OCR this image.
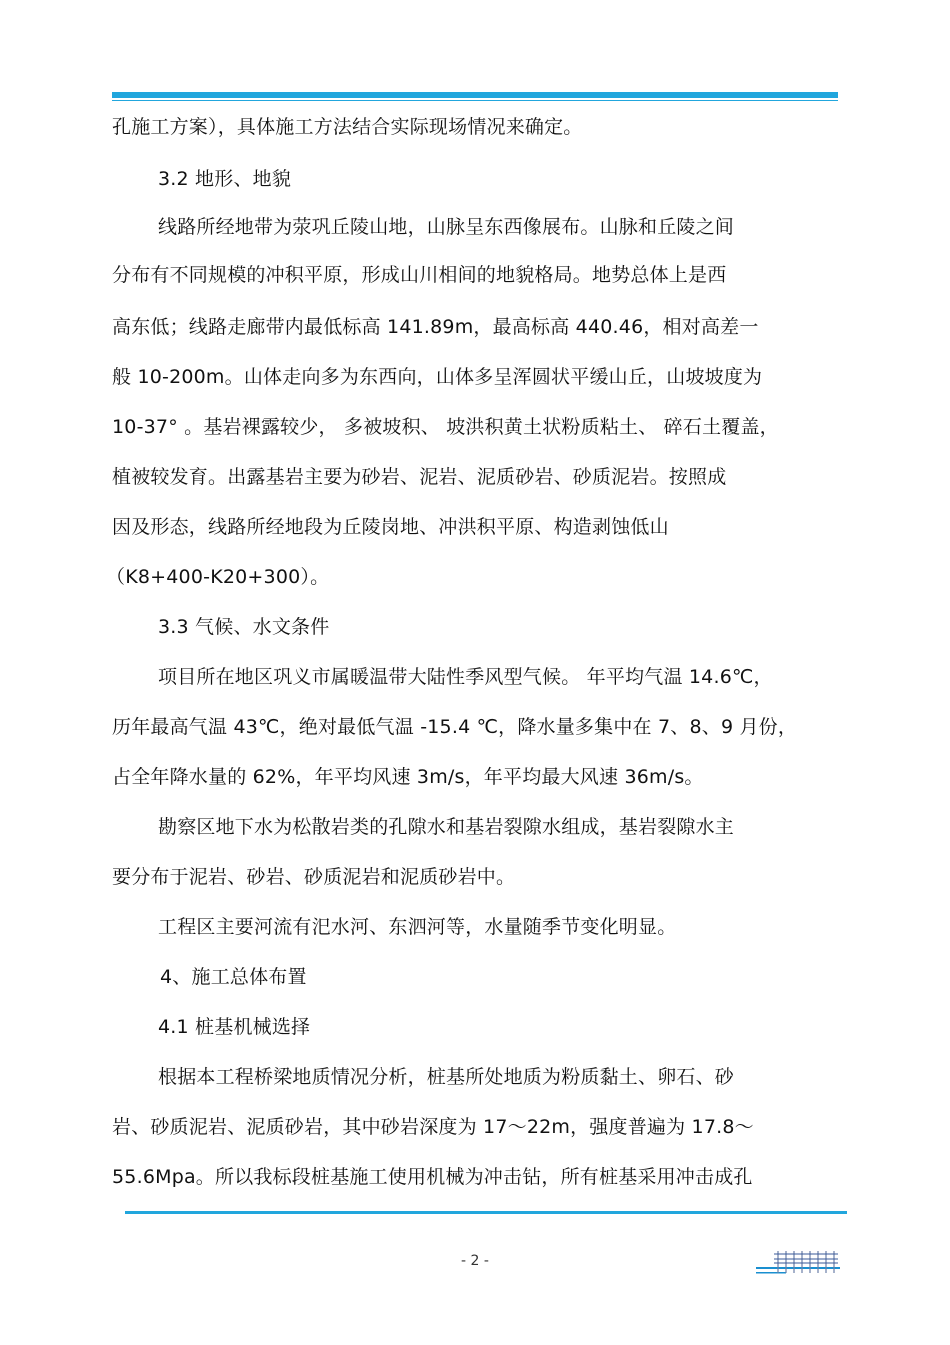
孔施工方案），具体施工方法结合实际现场情况来确定。
3.2 地形、地貌
线路所经地带为荥巩丘陵山地，山脉呈东西像展布。山脉和丘陵之间
分布有不同规模的冲积平原，形成山川相间的地貌格局。地势总体上是西
高东低；线路走廊带内最低标高 141.89m，最高标高 440.46，相对高差一
般 10-200m。山体走向多为东西向，山体多呈浑圆状平缓山丘，山坡坡度为
10-37° 。基岩裸露较少， 多被坡积、 坡洪积黄土状粉质粘土、 碎石土覆盖，
植被较发育。出露基岩主要为砂岩、泥岩、泥质砂岩、砂质泥岩。按照成
因及形态，线路所经地段为丘陵岗地、冲洪积平原、构造剥蚀低山
（K8+400-K20+300）。
3.3 气候、水文条件
项目所在地区巩义市属暖温带大陆性季风型气候。 年平均气温 14.6℃，
历年最高气温 43℃，绝对最低气温 -15.4 ℃，降水量多集中在 7、8、9 月份，
占全年降水量的 62%，年平均风速 3m/s，年平均最大风速 36m/s。
勘察区地下水为松散岩类的孔隙水和基岩裂隙水组成，基岩裂隙水主
要分布于泥岩、砂岩、砂质泥岩和泥质砂岩中。
工程区主要河流有汜水河、东泗河等，水量随季节变化明显。
4、施工总体布置
4.1 桩基机械选择
根据本工程桥梁地质情况分析，桩基所处地质为粉质黏土、卵石、砂
岩、砂质泥岩、泥质砂岩，其中砂岩深度为 17～22m，强度普遍为 17.8～
55.6Mpa。所以我标段桩基施工使用机械为冲击钻，所有桩基采用冲击成孔
- 2 -
